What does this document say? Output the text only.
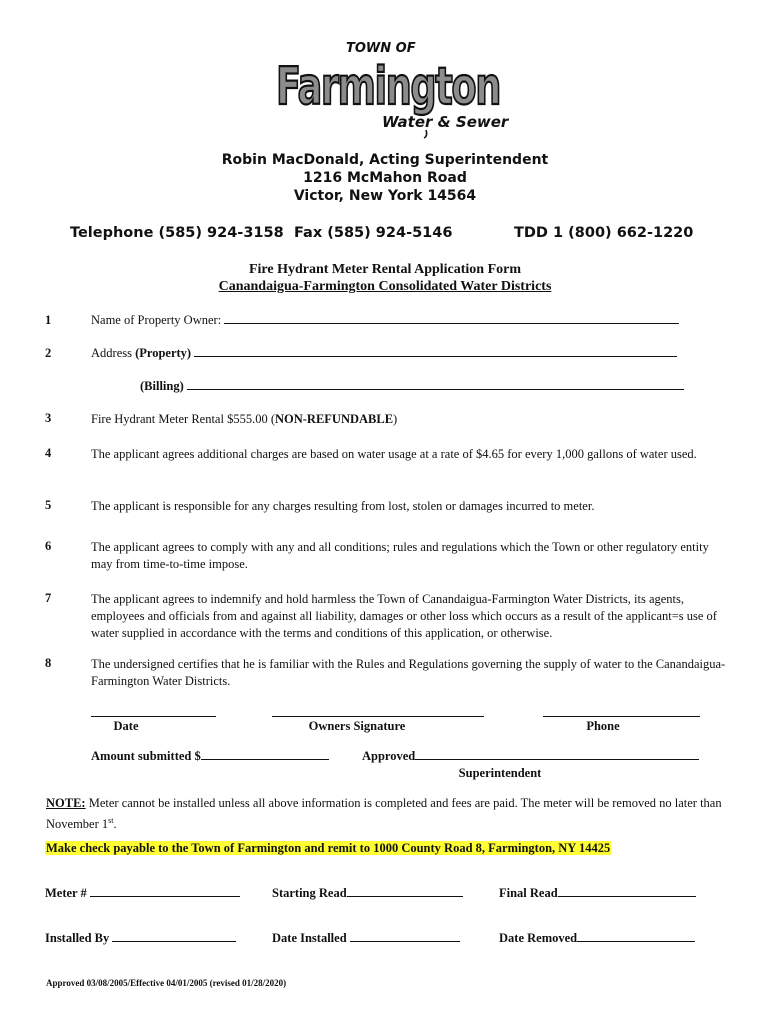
TOWN OF
Farmington
Water & Sewer
Robin MacDonald, Acting Superintendent
1216 McMahon Road
Victor, New York 14564
Telephone (585) 924-3158 Fax (585) 924-5146	TDD 1 (800) 662-1220
Fire Hydrant Meter Rental Application Form
Canandaigua-Farmington Consolidated Water Districts
1	Name of Property Owner:
2	Address (Property)
(Billing)
3	Fire Hydrant Meter Rental $555.00 (NON-REFUNDABLE)
4	The applicant agrees additional charges are based on water usage at a rate of $4.65 for every 1,000 gallons of water used.
5	The applicant is responsible for any charges resulting from lost, stolen or damages incurred to meter.
6	The applicant agrees to comply with any and all conditions; rules and regulations which the Town or other regulatory entity may from time-to-time impose.
7	The applicant agrees to indemnify and hold harmless the Town of Canandaigua-Farmington Water Districts, its agents, employees and officials from and against all liability, damages or other loss which occurs as a result of the applicant=s use of water supplied in accordance with the terms and conditions of this application, or otherwise.
8	The undersigned certifies that he is familiar with the Rules and Regulations governing the supply of water to the Canandaigua-Farmington Water Districts.
Date	Owners Signature	Phone
Amount submitted $	Approved
Superintendent
NOTE: Meter cannot be installed unless all above information is completed and fees are paid. The meter will be removed no later than November 1st.
Make check payable to the Town of Farmington and remit to 1000 County Road 8, Farmington, NY 14425
Meter #	Starting Read	Final Read
Installed By	Date Installed	Date Removed
Approved 03/08/2005/Effective 04/01/2005 (revised 01/28/2020)
